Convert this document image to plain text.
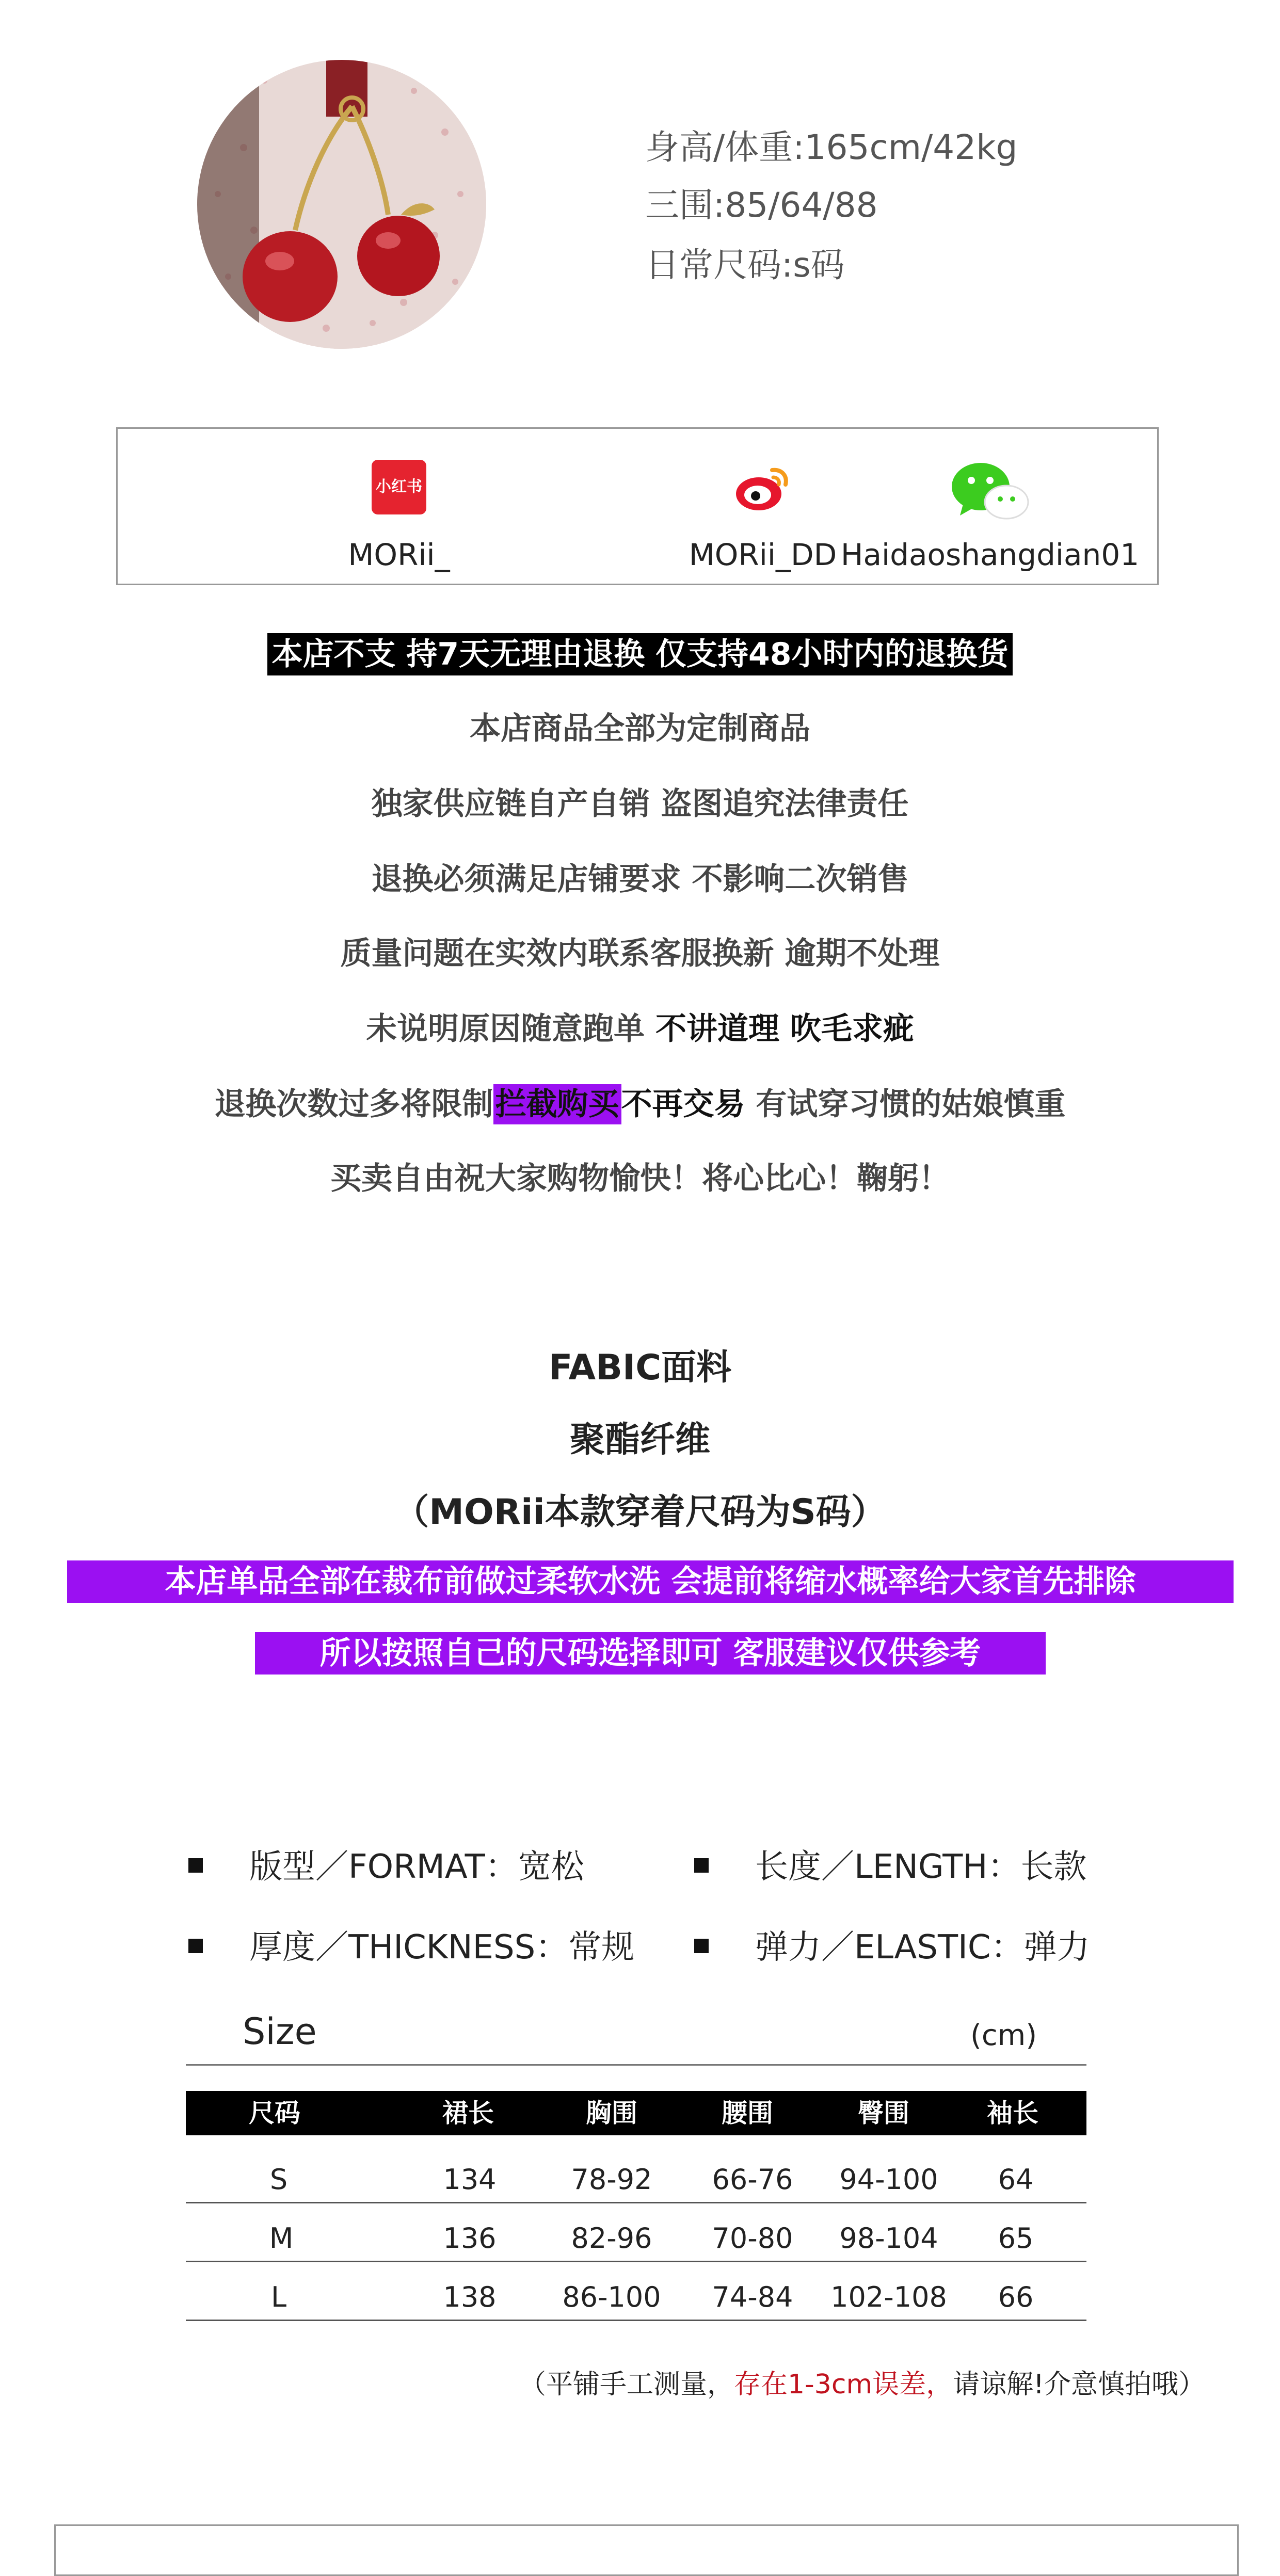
身高/体重:165cm/42kg
三围:85/64/88
日常尺码:s码
小红书
MORii_	MORii_DD Haidaoshangdian01
本店不支 持7天无理由退换 仅支持48小时内的退换货
本店商品全部为定制商品
独家供应链自产自销 盗图追究法律责任
退换必须满足店铺要求 不影响二次销售
质量问题在实效内联系客服换新 逾期不处理
未说明原因随意跑单 不讲道理 吹毛求疵
退换次数过多将限制拦截购买不再交易 有试穿习惯的姑娘慎重
买卖自由祝大家购物愉快！将心比心！鞠躬！
FABIC面料
聚酯纤维
（MORii本款穿着尺码为S码）
本店单品全部在裁布前做过柔软水洗 会提前将缩水概率给大家首先排除
所以按照自己的尺码选择即可 客服建议仅供参考
版型／FORMAT：宽松	长度／LENGTH：长款
厚度／THICKNESS：常规	弹力／ELASTIC：弹力
Size	(cm)
尺码	裙长	胸围	腰围	臀围	袖长
S	134	78-92 66-76 94-100 64
M	136	82-96 70-80 98-104 65
L	138 86-100 74-84 102-108 66
（平铺手工测量，存在1-3cm误差，请谅解!介意慎拍哦）
